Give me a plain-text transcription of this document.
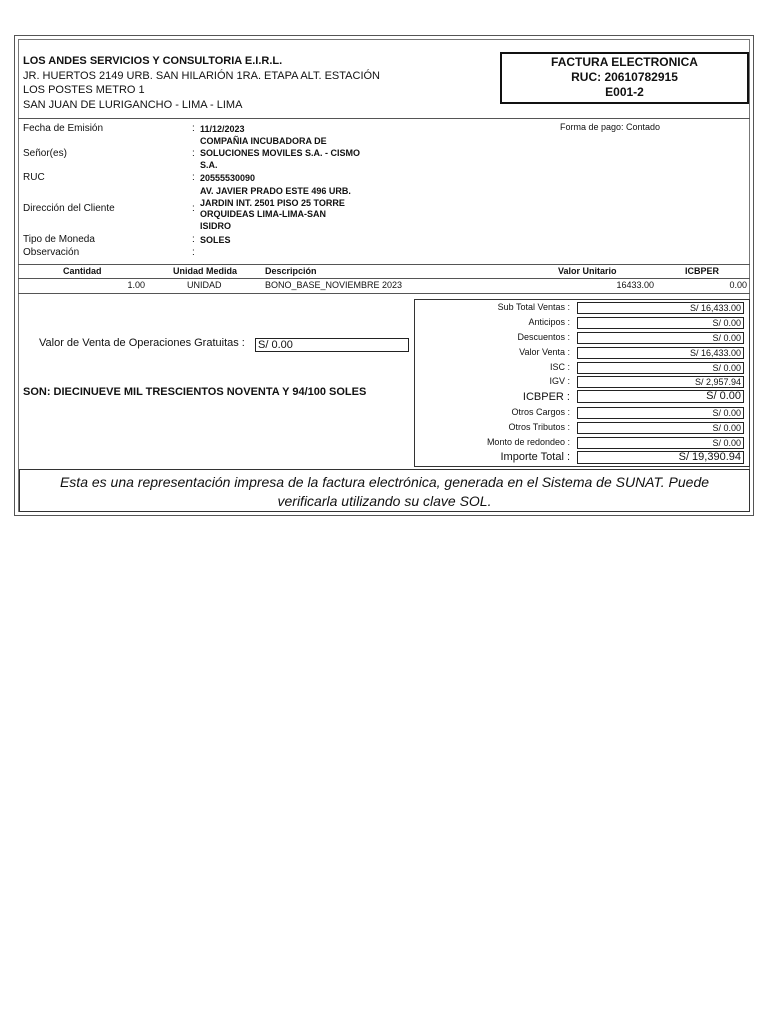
LOS ANDES SERVICIOS Y CONSULTORIA E.I.R.L.
JR. HUERTOS 2149 URB. SAN HILARIÓN 1RA. ETAPA ALT. ESTACIÓN
LOS POSTES METRO 1
SAN JUAN DE LURIGANCHO - LIMA - LIMA
FACTURA ELECTRONICA
RUC: 20610782915
E001-2
Fecha de Emisión	: 11/12/2023	Forma de pago: Contado
Señor(es)	:
COMPAÑIA INCUBADORA DE
SOLUCIONES MOVILES S.A. - CISMO
S.A.
RUC	: 20555530090
Dirección del Cliente	:
AV. JAVIER PRADO ESTE 496 URB.
JARDIN INT. 2501 PISO 25 TORRE
ORQUIDEAS LIMA-LIMA-SAN
ISIDRO
Tipo de Moneda	: SOLES
Observación	:
Cantidad	Unidad Medida	Descripción	Valor Unitario	ICBPER
1.00	UNIDAD	BONO_BASE_NOVIEMBRE 2023	16433.00	0.00
Valor de Venta de Operaciones Gratuitas : S/ 0.00
SON: DIECINUEVE MIL TRESCIENTOS NOVENTA Y 94/100 SOLES
Sub Total Ventas :	S/ 16,433.00
Anticipos :	S/ 0.00
Descuentos :	S/ 0.00
Valor Venta :	S/ 16,433.00
ISC :	S/ 0.00
IGV :	S/ 2,957.94
ICBPER :	S/ 0.00
Otros Cargos :	S/ 0.00
Otros Tributos :	S/ 0.00
Monto de redondeo :	S/ 0.00
Importe Total :	S/ 19,390.94
Esta es una representación impresa de la factura electrónica, generada en el Sistema de SUNAT. Puede
verificarla utilizando su clave SOL.
